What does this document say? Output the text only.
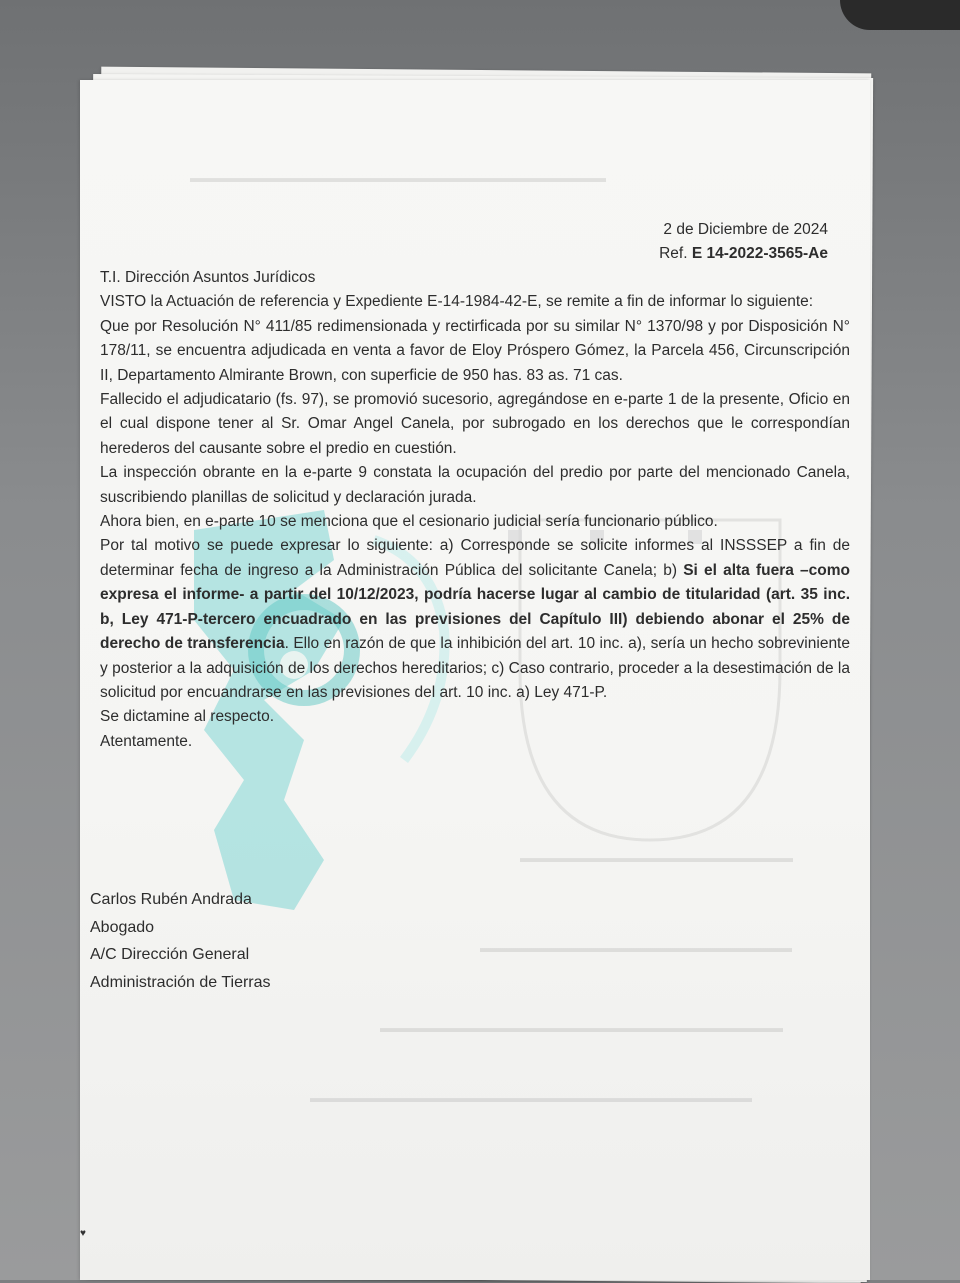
▬▬▬▬▬▬▬▬▬▬▬▬▬▬▬▬▬▬▬▬▬▬▬▬▬▬▬▬▬▬▬▬
▬▬▬▬▬▬▬▬▬▬▬▬▬▬▬▬▬▬▬▬▬
▬▬▬▬▬▬▬▬▬▬▬▬▬▬▬▬▬▬▬▬▬▬▬▬
▬▬▬▬▬▬▬▬▬▬▬▬▬▬▬▬▬▬▬▬▬▬▬▬▬▬▬▬▬▬▬
▬▬▬▬▬▬▬▬▬▬▬▬▬▬▬▬▬▬▬▬▬▬▬▬▬▬▬▬▬▬▬▬▬▬
2 de Diciembre de 2024
Ref. E 14-2022-3565-Ae

T.I. Dirección Asuntos Jurídicos

VISTO la Actuación de referencia y Expediente E-14-1984-42-E, se remite a fin de informar lo siguiente:

Que por Resolución N° 411/85 redimensionada y rectirficada por su similar N° 1370/98 y por Disposición N° 178/11, se encuentra adjudicada en venta a favor de Eloy Próspero Gómez, la Parcela 456, Circunscripción II, Departamento Almirante Brown, con superficie de 950 has. 83 as. 71 cas.

Fallecido el adjudicatario (fs. 97), se promovió sucesorio, agregándose en e-parte 1 de la presente, Oficio en el cual dispone tener al Sr. Omar Angel Canela, por subrogado en los derechos que le correspondían herederos del causante sobre el predio en cuestión.

La inspección obrante en la e-parte 9 constata la ocupación del predio por parte del mencionado Canela, suscribiendo planillas de solicitud y declaración jurada.

Ahora bien, en e-parte 10 se menciona que el cesionario judicial sería funcionario público.

Por tal motivo se puede expresar lo siguiente: a) Corresponde se solicite informes al INSSSEP a fin de determinar fecha de ingreso a la Administración Pública del solicitante Canela; b) Si el alta fuera –como expresa el informe- a partir del 10/12/2023, podría hacerse lugar al cambio de titularidad (art. 35 inc. b, Ley 471-P-tercero encuadrado en las previsiones del Capítulo III) debiendo abonar el 25% de derecho de transferencia. Ello en razón de que la inhibición del art. 10 inc. a), sería un hecho sobreviniente y posterior a la adquisición de los derechos hereditarios; c) Caso contrario, proceder a la desestimación de la solicitud por encuandrarse en las previsiones del art. 10 inc. a) Ley 471-P.

Se dictamine al respecto.

Atentamente.

Carlos Rubén Andrada
Abogado
A/C Dirección General
Administración de Tierras
♥
